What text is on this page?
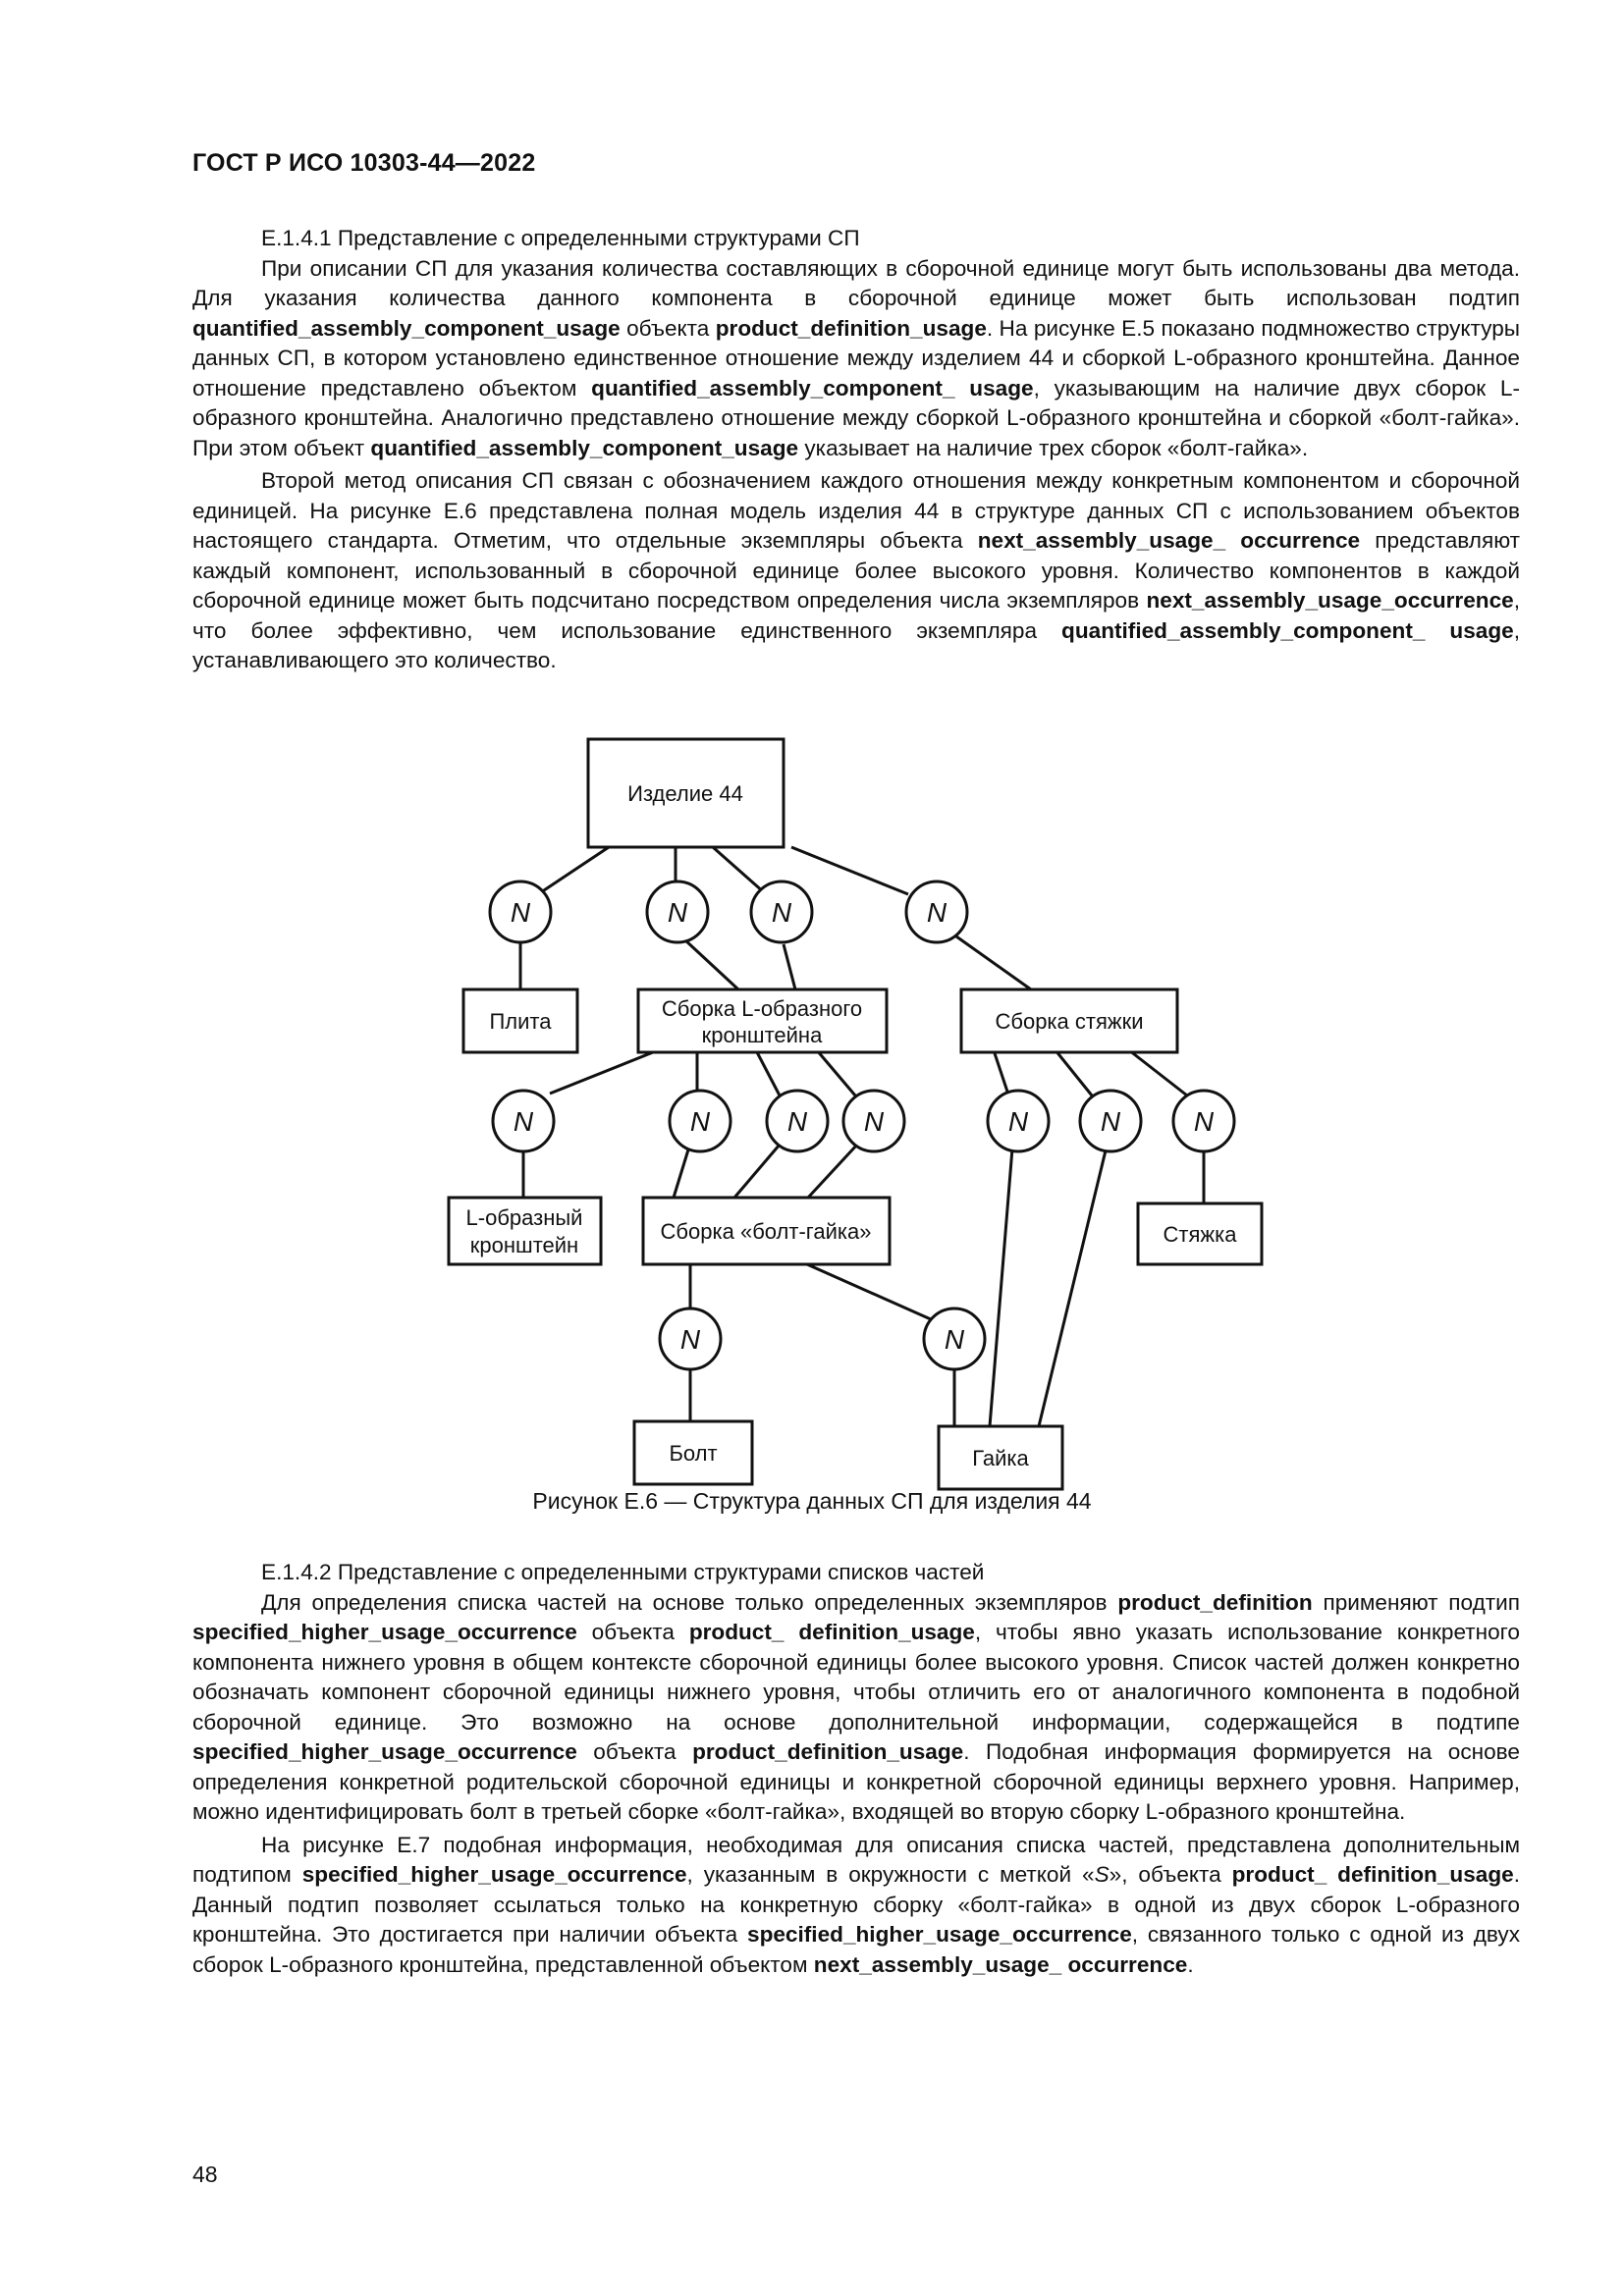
ГОСТ Р ИСО 10303-44—2022

Е.1.4.1 Представление с определенными структурами СП

При описании СП для указания количества составляющих в сборочной единице могут быть использованы два метода. Для указания количества данного компонента в сборочной единице может быть использован подтип quantified_assembly_component_usage объекта product_definition_usage. На рисунке Е.5 показано подмножество структуры данных СП, в котором установлено единственное отношение между изделием 44 и сборкой L-образного кронштейна. Данное отношение представлено объектом quantified_assembly_component_ usage, указывающим на наличие двух сборок L-образного кронштейна. Аналогично представлено отношение между сборкой L-образного кронштейна и сборкой «болт-гайка». При этом объект quantified_assembly_component_usage указывает на наличие трех сборок «болт-гайка».

Второй метод описания СП связан с обозначением каждого отношения между конкретным компонентом и сборочной единицей. На рисунке Е.6 представлена полная модель изделия 44 в структуре данных СП с использованием объектов настоящего стандарта. Отметим, что отдельные экземпляры объекта next_assembly_usage_ occurrence представляют каждый компонент, использованный в сборочной единице более высокого уровня. Количество компонентов в каждой сборочной единице может быть подсчитано посредством определения числа экземпляров next_assembly_usage_occurrence, что более эффективно, чем использование единственного экземпляра quantified_assembly_component_ usage, устанавливающего это количество.

N	N	N	N
N	N	N N	N	N	N
N	N
Изделие 44
Плита
Сборка L-образного
кронштейна
Сборка стяжки
L-образный
кронштейн
Сборка «болт-гайка»	Стяжка
Болт	Гайка
Рисунок Е.6 — Структура данных СП для изделия 44

Е.1.4.2 Представление с определенными структурами списков частей

Для определения списка частей на основе только определенных экземпляров product_definition применяют подтип specified_higher_usage_occurrence объекта product_ definition_usage, чтобы явно указать использование конкретного компонента нижнего уровня в общем контексте сборочной единицы более высокого уровня. Список частей должен конкретно обозначать компонент сборочной единицы нижнего уровня, чтобы отличить его от аналогичного компонента в подобной сборочной единице. Это возможно на основе дополнительной информации, содержащейся в подтипе specified_higher_usage_occurrence объекта product_definition_usage. Подобная информация формируется на основе определения конкретной родительской сборочной единицы и конкретной сборочной единицы верхнего уровня. Например, можно идентифицировать болт в третьей сборке «болт-гайка», входящей во вторую сборку L-образного кронштейна.

На рисунке Е.7 подобная информация, необходимая для описания списка частей, представлена дополнительным подтипом specified_higher_usage_occurrence, указанным в окружности с меткой «S», объекта product_ definition_usage. Данный подтип позволяет ссылаться только на конкретную сборку «болт-гайка» в одной из двух сборок L-образного кронштейна. Это достигается при наличии объекта specified_higher_usage_occurrence, связанного только с одной из двух сборок L-образного кронштейна, представленной объектом next_assembly_usage_ occurrence.

48
